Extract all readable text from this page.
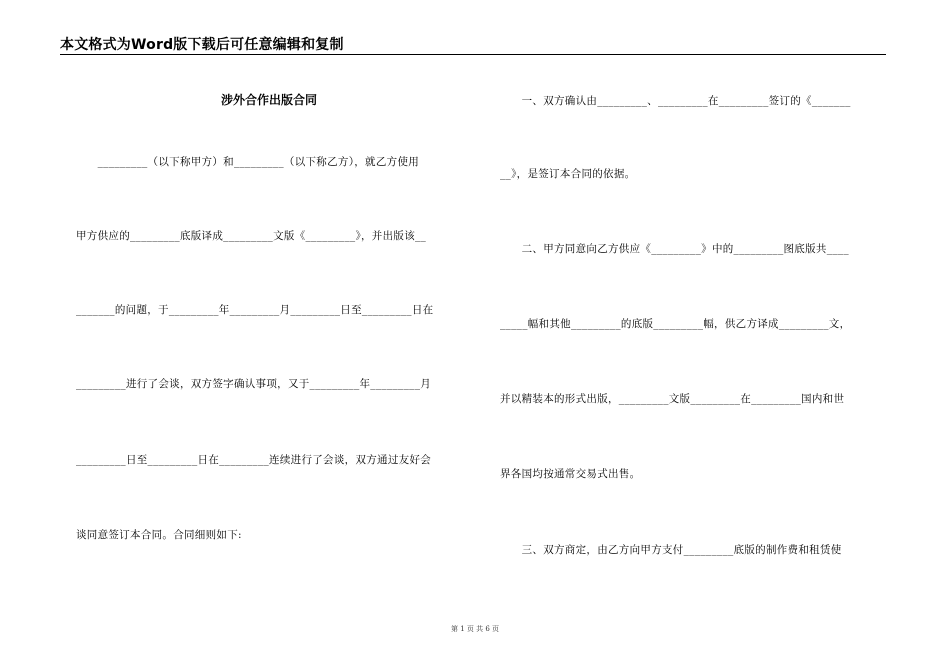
本文格式为Word版下载后可任意编辑和复制
涉外合作出版合同
　　_________（以下称甲方）和_________（以下称乙方），就乙方使用
甲方供应的_________底版译成_________文版《_________》，并出版该__
_______的问题，于_________年_________月_________日至_________日在
_________进行了会谈，双方签字确认事项，又于_________年_________月
_________日至_________日在_________连续进行了会谈，双方通过友好会
谈同意签订本合同。合同细则如下:
　　一、双方确认由_________、_________在_________签订的《_______
__》，是签订本合同的依据。
　　二、甲方同意向乙方供应《_________》中的_________图底版共____
_____幅和其他_________的底版_________幅，供乙方译成_________文，
并以精装本的形式出版，_________文版_________在_________国内和世
界各国均按通常交易式出售。
　　三、双方商定，由乙方向甲方支付_________底版的制作费和租赁使
第 1 页 共 6 页
